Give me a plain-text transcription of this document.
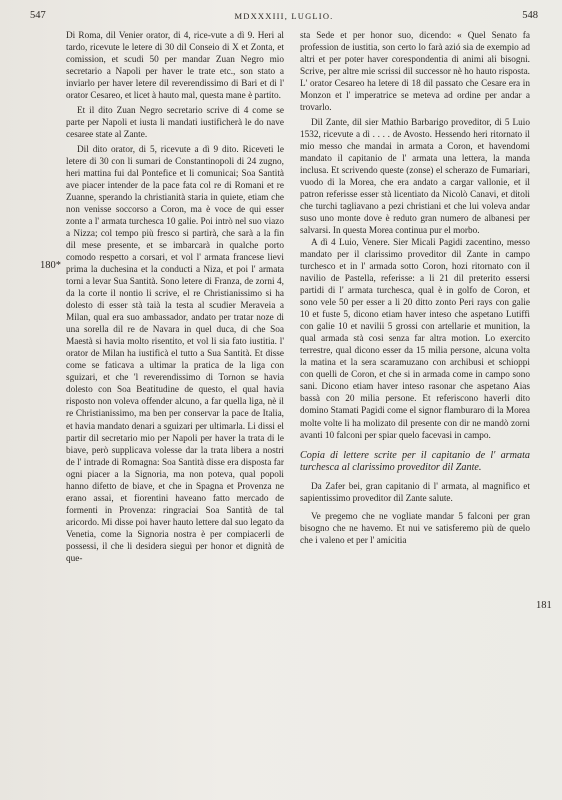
547	MDXXXIII, LUGLIO.	548
180*
181

Di Roma, dil Venier orator, di 4, rice-vute a dì 9. Heri al tardo, ricevute le letere di 30 dil Conseio di X et Zonta, et comission, et scudi 50 per mandar Zuan Negro mio secretario a Napoli per haver le trate etc., son stato a inviarlo per haver letere dil reverendissimo di Bari et di l' orator Cesareo, et licet à hauto mal, questa mane è partito.

Et il dito Zuan Negro secretario scrive di 4 come se parte per Napoli et iusta li mandati iustificherà le do nave cesaree state al Zante.

Dil dito orator, di 5, ricevute a dì 9 dito. Riceveti le letere di 30 con li sumari de Constantinopoli di 24 zugno, heri mattina fui dal Pontefice et li comunicai; Soa Santità ave piacer intender de la pace fata col re di Romani et re Zuanne, sperando la christianità staria in quiete, etiam che non venisse soccorso a Coron, ma è voce de qui esser zonte a l' armata turchesca 10 galie. Poi intrò nel suo viazo a Nizza; col tempo più fresco si partirà, che sarà a la fin dil mese presente, et se imbarcarà in qualche porto comodo respetto a corsari, et vol l' armata francese lievi prima la duchesina et la conducti a Niza, et poi l' armata torni a levar Sua Santità. Sono letere di Franza, de zorni 4, da la corte il nontio li scrive, el re Christianissimo si ha dolesto di esser stà taià la testa al scudier Meraveia a Milan, qual era suo ambassador, andato per tratar noze di una sorella dil re de Navara in quel duca, di che Soa Maestà si havia molto risentito, et vol li sia fato iustitia. l' orator de Milan ha iustificà el tutto a Sua Santità. Et disse come se faticava a ultimar la pratica de la liga con sguizari, et che 'l reverendissimo di Tornon se havia dolesto con Soa Beatitudine de questo, el qual havia risposto non voleva offender alcuno, a far quella liga, nè il re Christianissimo, ma ben per conservar la pace de Italia, et havia mandato denari a sguizari per ultimarla. Li dissi el partir dil secretario mio per Napoli per haver la trata di le biave, però supplicava volesse dar la trata libera a nostri de l' intrade di Romagna: Soa Santità disse era disposta far ogni piacer a la Signoria, ma non poteva, qual popoli hanno difetto de biave, et che in Spagna et Provenza ne erano assai, et fiorentini haveano fatto mercado de formenti in Provenza: ringraciai Soa Santità de tal aricordo. Mi disse poi haver hauto lettere dal suo legato da Venetia, come la Signoria nostra è per compiacerli de possessi, il che li desidera sieguì per honor et dignità de que-

sta Sede et per honor suo, dicendo: « Quel Senato fa profession de iustitia, son certo lo farà azió sia de exempio ad altri et per poter haver corespondentia di animi ali bisogni. Scrive, per altre mie scrissi dil successor nè ho hauto risposta. L' orator Cesareo ha letere di 18 dil passato che Cesare era in Monzon et l' imperatrice se meteva ad ordine per andar a trovarlo.

Dil Zante, dil sier Mathio Barbarigo proveditor, di 5 Luio 1532, ricevute a dì . . . . de Avosto. Hessendo heri ritornato il mio messo che mandai in armata a Coron, et havendomi mandato il capitanio de l' armata una lettera, la manda inclusa. Et scrivendo queste (zonse) el scherazo de Fumariari, vuodo di la Morea, che era andato a cargar vallonie, et il patron referisse esser stà licentiato da Nicolò Canavi, et ditoli che turchi tagliavano a pezi christiani et che lui voleva andar suso uno monte dove è reduto gran numero de albanesi per salvarsi. In questa Morea continua pur el morbo.

A dì 4 Luio, Venere. Sier Micali Pagidi zacentino, messo mandato per il clarissimo proveditor dil Zante in campo turchesco et in l' armada sotto Coron, hozi ritornato con il navilio de Pastella, referisse: a li 21 dil preterito essersi partidi di l' armata turchesca, qual è in golfo de Coron, et sono vele 50 per esser a li 20 ditto zonto Peri rays con galie 10 et fuste 5, dicono etiam haver inteso che aspetano Lutiffi con galie 10 et navilii 5 grossi con artellarie et munition, la qual armada stà cosi senza far altra motion. Lo exercito terrestre, qual dicono esser da 15 milia persone, alcuna volta la matina et la sera scaramuzano con archibusi et schioppi con quelli de Coron, et che si in armada come in campo sono sani. Dicono etiam haver inteso rasonar che aspetano Aias bassà con 20 milia persone. Et referiscono haverli dito domino Stamati Pagidi come el signor flamburaro di la Morea molte volte li ha molizato dil presente con dir ne mandò zorni avanti 10 falconi per spiar quelo facevasi in campo.

Copia di lettere scrite per il capitanio de l' armata turchesca al clarissimo proveditor dil Zante.

Da Zafer bei, gran capitanio di l' armata, al magnifico et sapientissimo proveditor dil Zante salute.

Ve pregemo che ne vogliate mandar 5 falconi per gran bisogno che ne havemo. Et nui ve satisferemo più de quelo che i valeno et per l' amicitia
